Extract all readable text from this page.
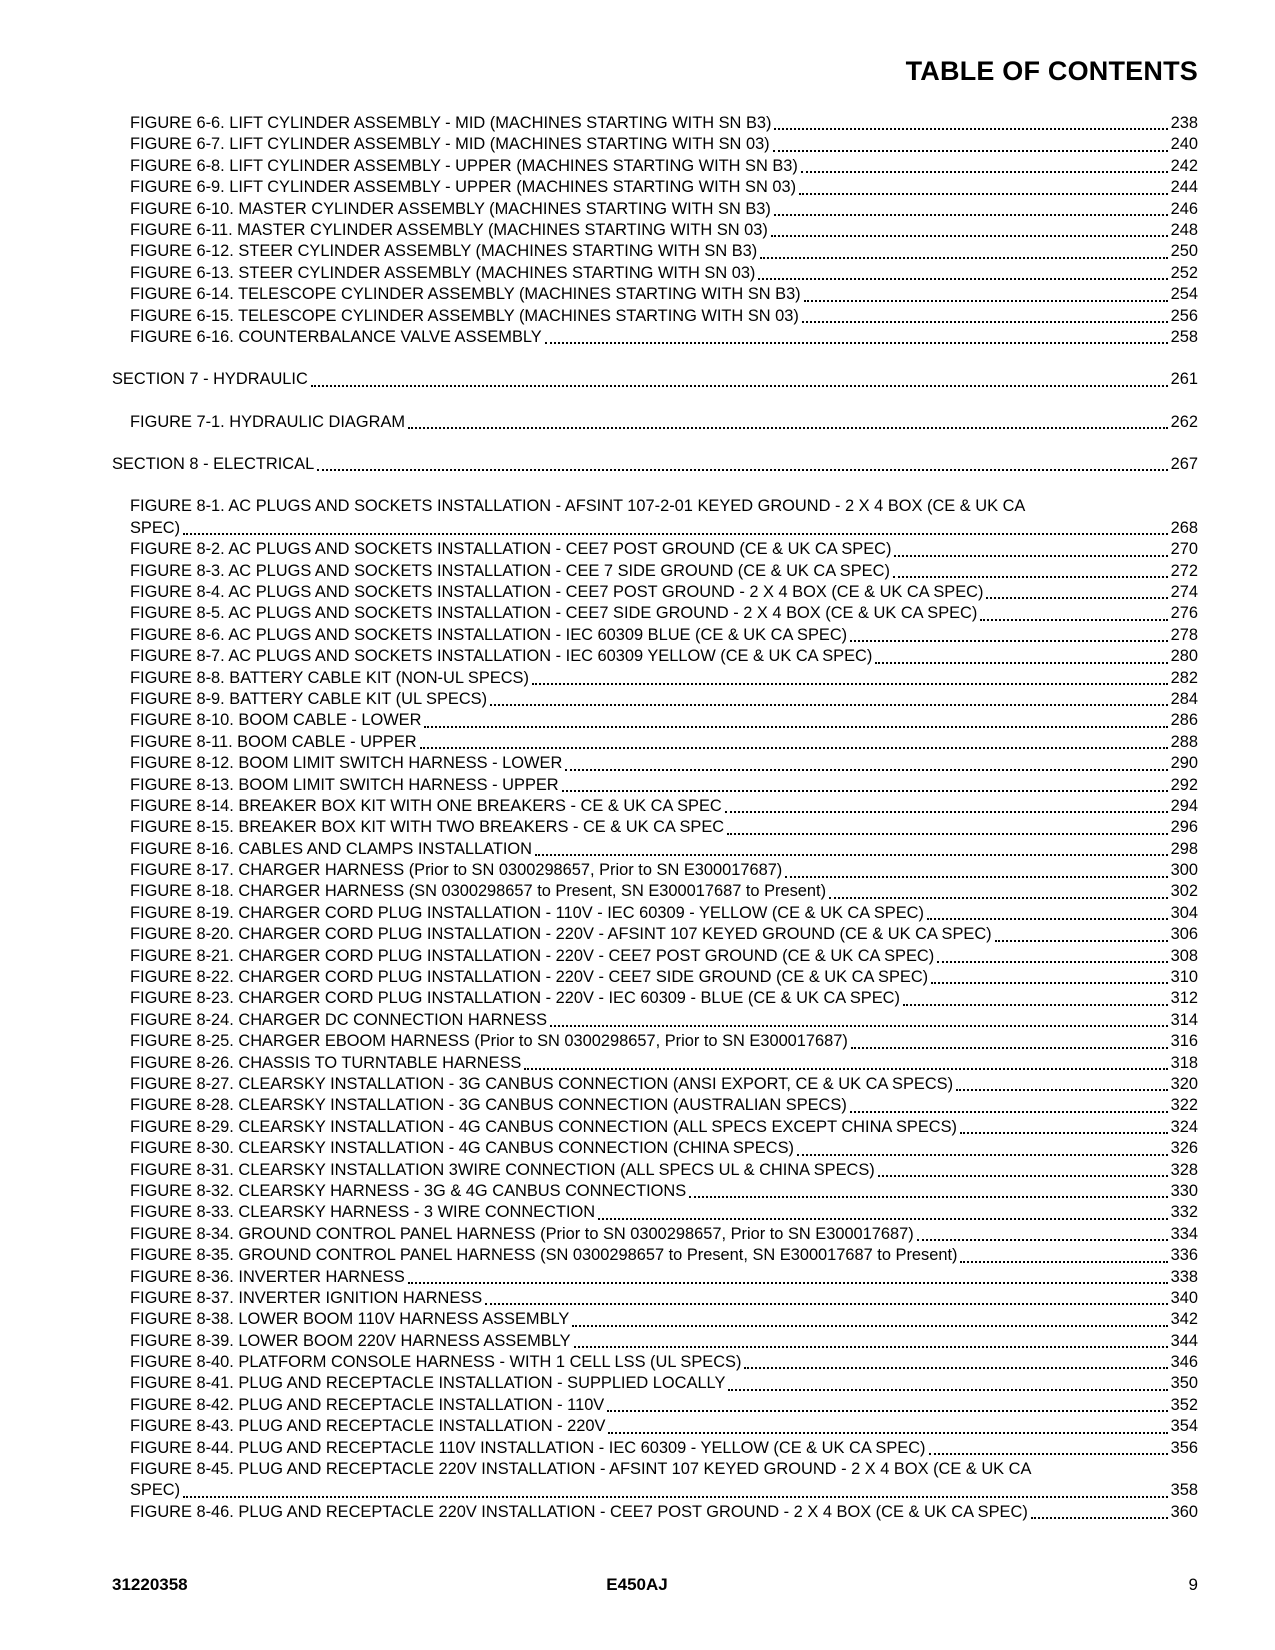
TABLE OF CONTENTS
FIGURE 6-6. LIFT CYLINDER ASSEMBLY - MID (MACHINES STARTING WITH SN B3)	238
FIGURE 6-7. LIFT CYLINDER ASSEMBLY - MID (MACHINES STARTING WITH SN 03)	240
FIGURE 6-8. LIFT CYLINDER ASSEMBLY - UPPER (MACHINES STARTING WITH SN B3)	242
FIGURE 6-9. LIFT CYLINDER ASSEMBLY - UPPER (MACHINES STARTING WITH SN 03)	244
FIGURE 6-10. MASTER CYLINDER ASSEMBLY (MACHINES STARTING WITH SN B3)	246
FIGURE 6-11. MASTER CYLINDER ASSEMBLY (MACHINES STARTING WITH SN 03)	248
FIGURE 6-12. STEER CYLINDER ASSEMBLY (MACHINES STARTING WITH SN B3)	250
FIGURE 6-13. STEER CYLINDER ASSEMBLY (MACHINES STARTING WITH SN 03)	252
FIGURE 6-14. TELESCOPE CYLINDER ASSEMBLY (MACHINES STARTING WITH SN B3)	254
FIGURE 6-15. TELESCOPE CYLINDER ASSEMBLY (MACHINES STARTING WITH SN 03)	256
FIGURE 6-16. COUNTERBALANCE VALVE ASSEMBLY	258
SECTION 7 - HYDRAULIC	261
FIGURE 7-1. HYDRAULIC DIAGRAM	262
SECTION 8 - ELECTRICAL	267
FIGURE 8-1. AC PLUGS AND SOCKETS INSTALLATION - AFSINT 107-2-01 KEYED GROUND - 2 X 4 BOX (CE & UK CA
SPEC)	268
FIGURE 8-2. AC PLUGS AND SOCKETS INSTALLATION - CEE7 POST GROUND (CE & UK CA SPEC)	270
FIGURE 8-3. AC PLUGS AND SOCKETS INSTALLATION - CEE 7 SIDE GROUND (CE & UK CA SPEC)	272
FIGURE 8-4. AC PLUGS AND SOCKETS INSTALLATION - CEE7 POST GROUND - 2 X 4 BOX (CE & UK CA SPEC)	274
FIGURE 8-5. AC PLUGS AND SOCKETS INSTALLATION - CEE7 SIDE GROUND - 2 X 4 BOX (CE & UK CA SPEC)	276
FIGURE 8-6. AC PLUGS AND SOCKETS INSTALLATION - IEC 60309 BLUE (CE & UK CA SPEC)	278
FIGURE 8-7. AC PLUGS AND SOCKETS INSTALLATION - IEC 60309 YELLOW (CE & UK CA SPEC)	280
FIGURE 8-8. BATTERY CABLE KIT (NON-UL SPECS)	282
FIGURE 8-9. BATTERY CABLE KIT (UL SPECS)	284
FIGURE 8-10. BOOM CABLE - LOWER	286
FIGURE 8-11. BOOM CABLE - UPPER	288
FIGURE 8-12. BOOM LIMIT SWITCH HARNESS - LOWER	290
FIGURE 8-13. BOOM LIMIT SWITCH HARNESS - UPPER	292
FIGURE 8-14. BREAKER BOX KIT WITH ONE BREAKERS - CE & UK CA SPEC	294
FIGURE 8-15. BREAKER BOX KIT WITH TWO BREAKERS - CE & UK CA SPEC	296
FIGURE 8-16. CABLES AND CLAMPS INSTALLATION	298
FIGURE 8-17. CHARGER HARNESS (Prior to SN 0300298657, Prior to SN E300017687)	300
FIGURE 8-18. CHARGER HARNESS (SN 0300298657 to Present, SN E300017687 to Present)	302
FIGURE 8-19. CHARGER CORD PLUG INSTALLATION - 110V - IEC 60309 - YELLOW (CE & UK CA SPEC)	304
FIGURE 8-20. CHARGER CORD PLUG INSTALLATION - 220V - AFSINT 107 KEYED GROUND (CE & UK CA SPEC)	306
FIGURE 8-21. CHARGER CORD PLUG INSTALLATION - 220V - CEE7 POST GROUND (CE & UK CA SPEC)	308
FIGURE 8-22. CHARGER CORD PLUG INSTALLATION - 220V - CEE7 SIDE GROUND (CE & UK CA SPEC)	310
FIGURE 8-23. CHARGER CORD PLUG INSTALLATION - 220V - IEC 60309 - BLUE (CE & UK CA SPEC)	312
FIGURE 8-24. CHARGER DC CONNECTION HARNESS	314
FIGURE 8-25. CHARGER EBOOM HARNESS (Prior to SN 0300298657, Prior to SN E300017687)	316
FIGURE 8-26. CHASSIS TO TURNTABLE HARNESS	318
FIGURE 8-27. CLEARSKY INSTALLATION - 3G CANBUS CONNECTION (ANSI EXPORT, CE & UK CA SPECS)	320
FIGURE 8-28. CLEARSKY INSTALLATION - 3G CANBUS CONNECTION (AUSTRALIAN SPECS)	322
FIGURE 8-29. CLEARSKY INSTALLATION - 4G CANBUS CONNECTION (ALL SPECS EXCEPT CHINA SPECS)	324
FIGURE 8-30. CLEARSKY INSTALLATION - 4G CANBUS CONNECTION (CHINA SPECS)	326
FIGURE 8-31. CLEARSKY INSTALLATION 3WIRE CONNECTION (ALL SPECS UL & CHINA SPECS)	328
FIGURE 8-32. CLEARSKY HARNESS - 3G & 4G CANBUS CONNECTIONS	330
FIGURE 8-33. CLEARSKY HARNESS - 3 WIRE CONNECTION	332
FIGURE 8-34. GROUND CONTROL PANEL HARNESS (Prior to SN 0300298657, Prior to SN E300017687)	334
FIGURE 8-35. GROUND CONTROL PANEL HARNESS (SN 0300298657 to Present, SN E300017687 to Present)	336
FIGURE 8-36. INVERTER HARNESS	338
FIGURE 8-37. INVERTER IGNITION HARNESS	340
FIGURE 8-38. LOWER BOOM 110V HARNESS ASSEMBLY	342
FIGURE 8-39. LOWER BOOM 220V HARNESS ASSEMBLY	344
FIGURE 8-40. PLATFORM CONSOLE HARNESS - WITH 1 CELL LSS (UL SPECS)	346
FIGURE 8-41. PLUG AND RECEPTACLE INSTALLATION - SUPPLIED LOCALLY	350
FIGURE 8-42. PLUG AND RECEPTACLE INSTALLATION - 110V	352
FIGURE 8-43. PLUG AND RECEPTACLE INSTALLATION - 220V	354
FIGURE 8-44. PLUG AND RECEPTACLE 110V INSTALLATION - IEC 60309 - YELLOW (CE & UK CA SPEC)	356
FIGURE 8-45. PLUG AND RECEPTACLE 220V INSTALLATION - AFSINT 107 KEYED GROUND - 2 X 4 BOX (CE & UK CA
SPEC)	358
FIGURE 8-46. PLUG AND RECEPTACLE 220V INSTALLATION - CEE7 POST GROUND - 2 X 4 BOX (CE & UK CA SPEC)	360
31220358	E450AJ	9
